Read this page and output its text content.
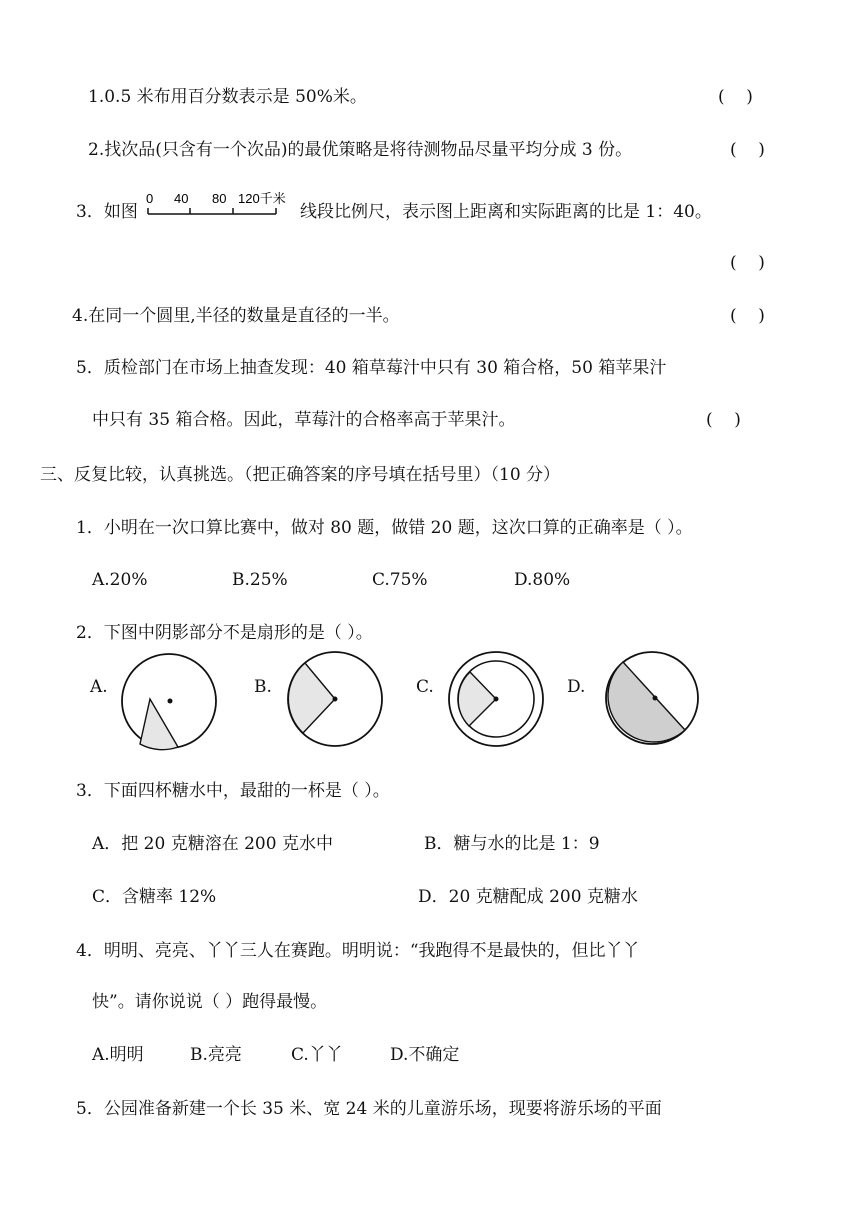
1.0.5 米布用百分数表示是 50%米。	(    )
2.找次品(只含有一个次品)的最优策略是将待测物品尽量平均分成 3 份。	(    )
3．如图
0 40 80 120千米
线段比例尺，表示图上距离和实际距离的比是 1：40。
(    )
4.在同一个圆里,半径的数量是直径的一半。	(    )
5．质检部门在市场上抽查发现：40 箱草莓汁中只有 30 箱合格，50 箱苹果汁
中只有 35 箱合格。因此，草莓汁的合格率高于苹果汁。	(    )
三、反复比较，认真挑选。（把正确答案的序号填在括号里）（10 分）
1．小明在一次口算比赛中，做对 80 题，做错 20 题，这次口算的正确率是（ ）。
A.20%	B.25%	C.75%	D.80%
2．下图中阴影部分不是扇形的是（ ）。
A.	B.	C.	D.
3．下面四杯糖水中，最甜的一杯是（ ）。
A．把 20 克糖溶在 200 克水中	B．糖与水的比是 1：9
C．含糖率 12%	D．20 克糖配成 200 克糖水
4．明明、亮亮、丫丫三人在赛跑。明明说：“我跑得不是最快的，但比丫丫
快”。请你说说（ ）跑得最慢。
A.明明	B.亮亮	C.丫丫	D.不确定
5．公园准备新建一个长 35 米、宽 24 米的儿童游乐场，现要将游乐场的平面
